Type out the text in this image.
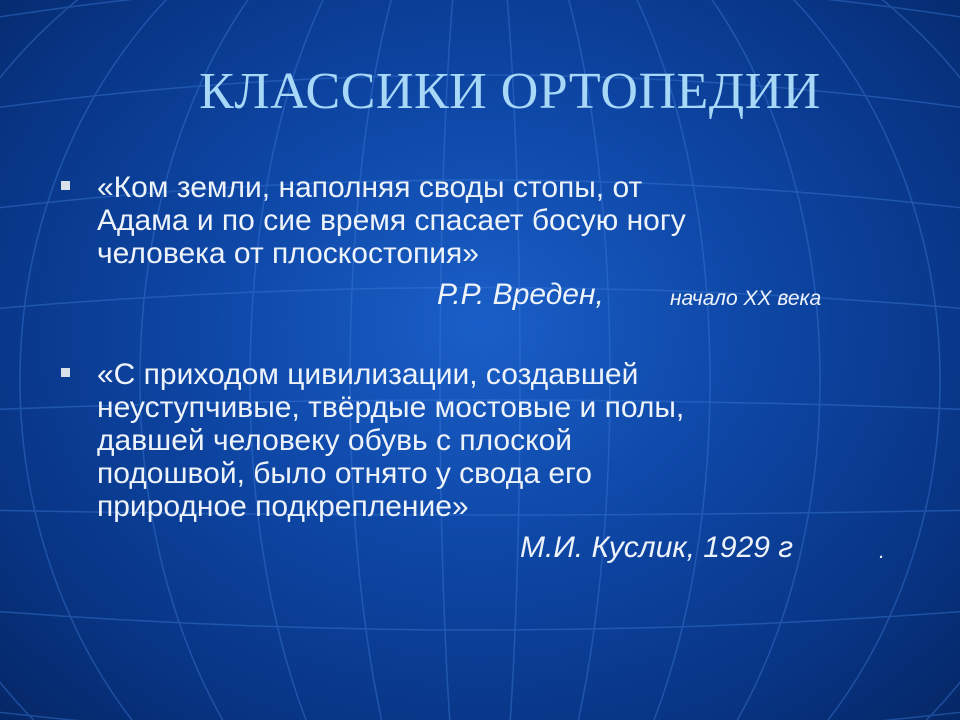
КЛАССИКИ ОРТОПЕДИИ
«Ком земли, наполняя своды стопы, от
Адама и по сие время спасает босую ногу
человека от плоскостопия»
Р.Р. Вреден,	начало XX века
«С приходом цивилизации, создавшей
неуступчивые, твёрдые мостовые и полы,
давшей человеку обувь с плоской
подошвой, было отнято у свода его
природное подкрепление»
М.И. Куслик, 1929 г	.
